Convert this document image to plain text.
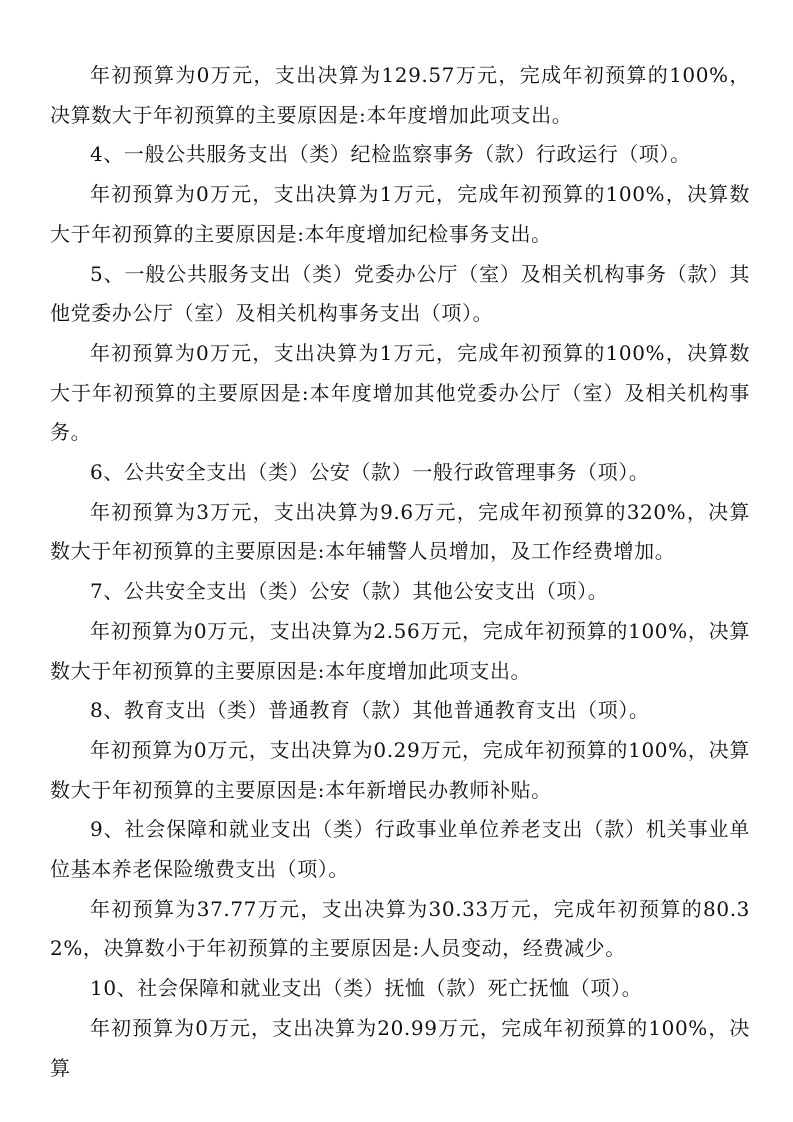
年初预算为0万元，支出决算为129.57万元，完成年初预算的100%，决算数大于年初预算的主要原因是:本年度增加此项支出。

4、一般公共服务支出（类）纪检监察事务（款）行政运行（项）。

年初预算为0万元，支出决算为1万元，完成年初预算的100%，决算数大于年初预算的主要原因是:本年度增加纪检事务支出。

5、一般公共服务支出（类）党委办公厅（室）及相关机构事务（款）其他党委办公厅（室）及相关机构事务支出（项）。

年初预算为0万元，支出决算为1万元，完成年初预算的100%，决算数大于年初预算的主要原因是:本年度增加其他党委办公厅（室）及相关机构事务。

6、公共安全支出（类）公安（款）一般行政管理事务（项）。

年初预算为3万元，支出决算为9.6万元，完成年初预算的320%，决算数大于年初预算的主要原因是:本年辅警人员增加，及工作经费增加。

7、公共安全支出（类）公安（款）其他公安支出（项）。

年初预算为0万元，支出决算为2.56万元，完成年初预算的100%，决算数大于年初预算的主要原因是:本年度增加此项支出。

8、教育支出（类）普通教育（款）其他普通教育支出（项）。

年初预算为0万元，支出决算为0.29万元，完成年初预算的100%，决算数大于年初预算的主要原因是:本年新增民办教师补贴。

9、社会保障和就业支出（类）行政事业单位养老支出（款）机关事业单位基本养老保险缴费支出（项）。

年初预算为37.77万元，支出决算为30.33万元，完成年初预算的80.32%，决算数小于年初预算的主要原因是:人员变动，经费减少。

10、社会保障和就业支出（类）抚恤（款）死亡抚恤（项）。

年初预算为0万元，支出决算为20.99万元，完成年初预算的100%，决算
